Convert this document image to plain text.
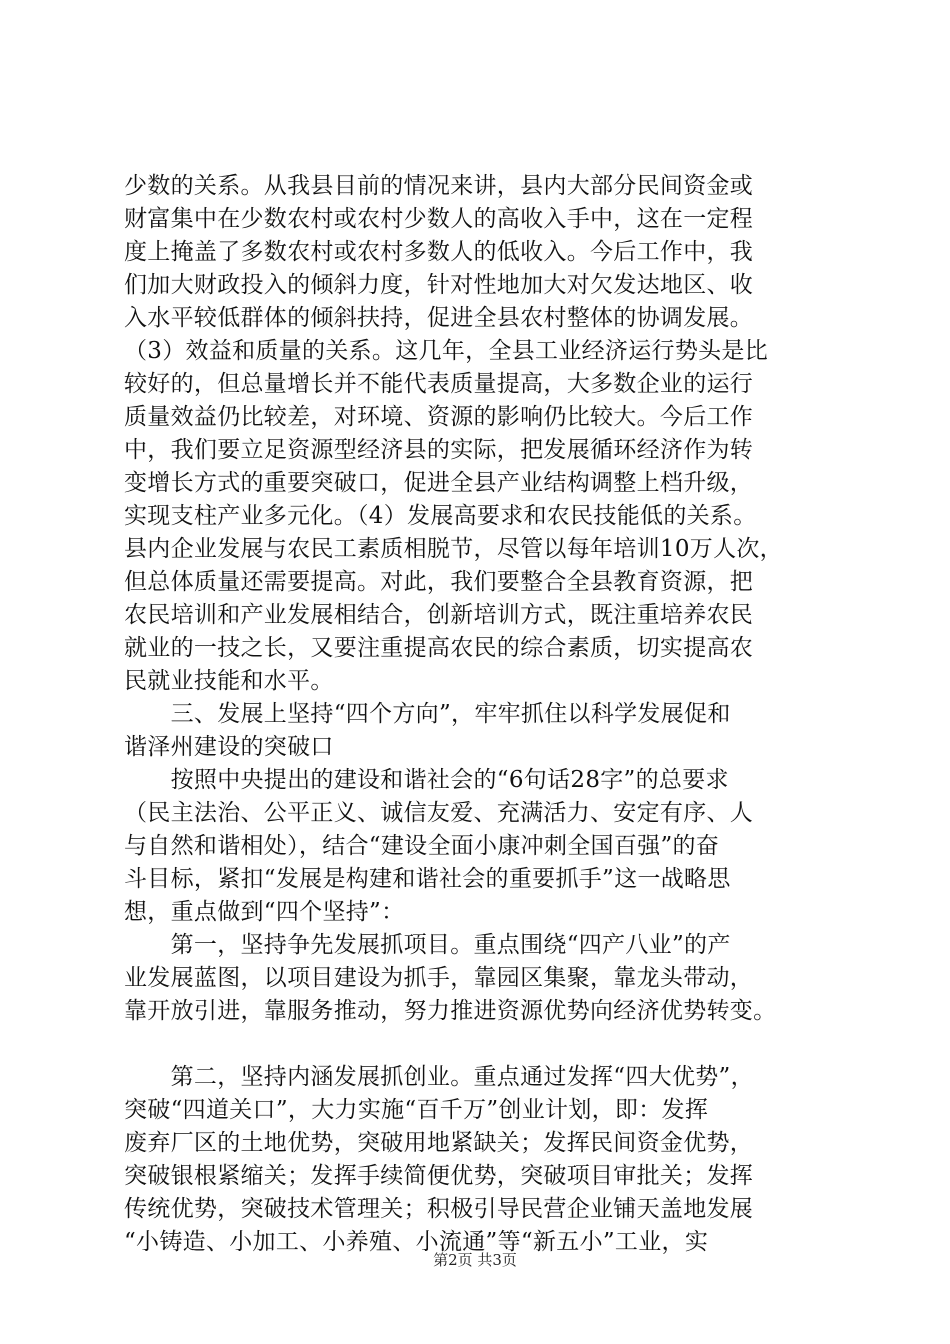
少数的关系。从我县目前的情况来讲，县内大部分民间资金或
财富集中在少数农村或农村少数人的高收入手中，这在一定程
度上掩盖了多数农村或农村多数人的低收入。今后工作中，我
们加大财政投入的倾斜力度，针对性地加大对欠发达地区、收
入水平较低群体的倾斜扶持，促进全县农村整体的协调发展。
（3）效益和质量的关系。这几年，全县工业经济运行势头是比
较好的，但总量增长并不能代表质量提高，大多数企业的运行
质量效益仍比较差，对环境、资源的影响仍比较大。今后工作
中，我们要立足资源型经济县的实际，把发展循环经济作为转
变增长方式的重要突破口，促进全县产业结构调整上档升级，
实现支柱产业多元化。（4）发展高要求和农民技能低的关系。
县内企业发展与农民工素质相脱节，尽管以每年培训10万人次，
但总体质量还需要提高。对此，我们要整合全县教育资源，把
农民培训和产业发展相结合，创新培训方式，既注重培养农民
就业的一技之长，又要注重提高农民的综合素质，切实提高农
民就业技能和水平。
　　三、发展上坚持“四个方向”，牢牢抓住以科学发展促和
谐泽州建设的突破口
　　按照中央提出的建设和谐社会的“6句话28字”的总要求
（民主法治、公平正义、诚信友爱、充满活力、安定有序、人
与自然和谐相处），结合“建设全面小康冲刺全国百强”的奋
斗目标，紧扣“发展是构建和谐社会的重要抓手”这一战略思
想，重点做到“四个坚持”：
　　第一，坚持争先发展抓项目。重点围绕“四产八业”的产
业发展蓝图，以项目建设为抓手，靠园区集聚，靠龙头带动，
靠开放引进，靠服务推动，努力推进资源优势向经济优势转变。
　　第二，坚持内涵发展抓创业。重点通过发挥“四大优势”，
突破“四道关口”，大力实施“百千万”创业计划，即：发挥
废弃厂区的土地优势，突破用地紧缺关；发挥民间资金优势，
突破银根紧缩关；发挥手续简便优势，突破项目审批关；发挥
传统优势，突破技术管理关；积极引导民营企业铺天盖地发展
“小铸造、小加工、小养殖、小流通”等“新五小”工业，实
第2页 共3页
